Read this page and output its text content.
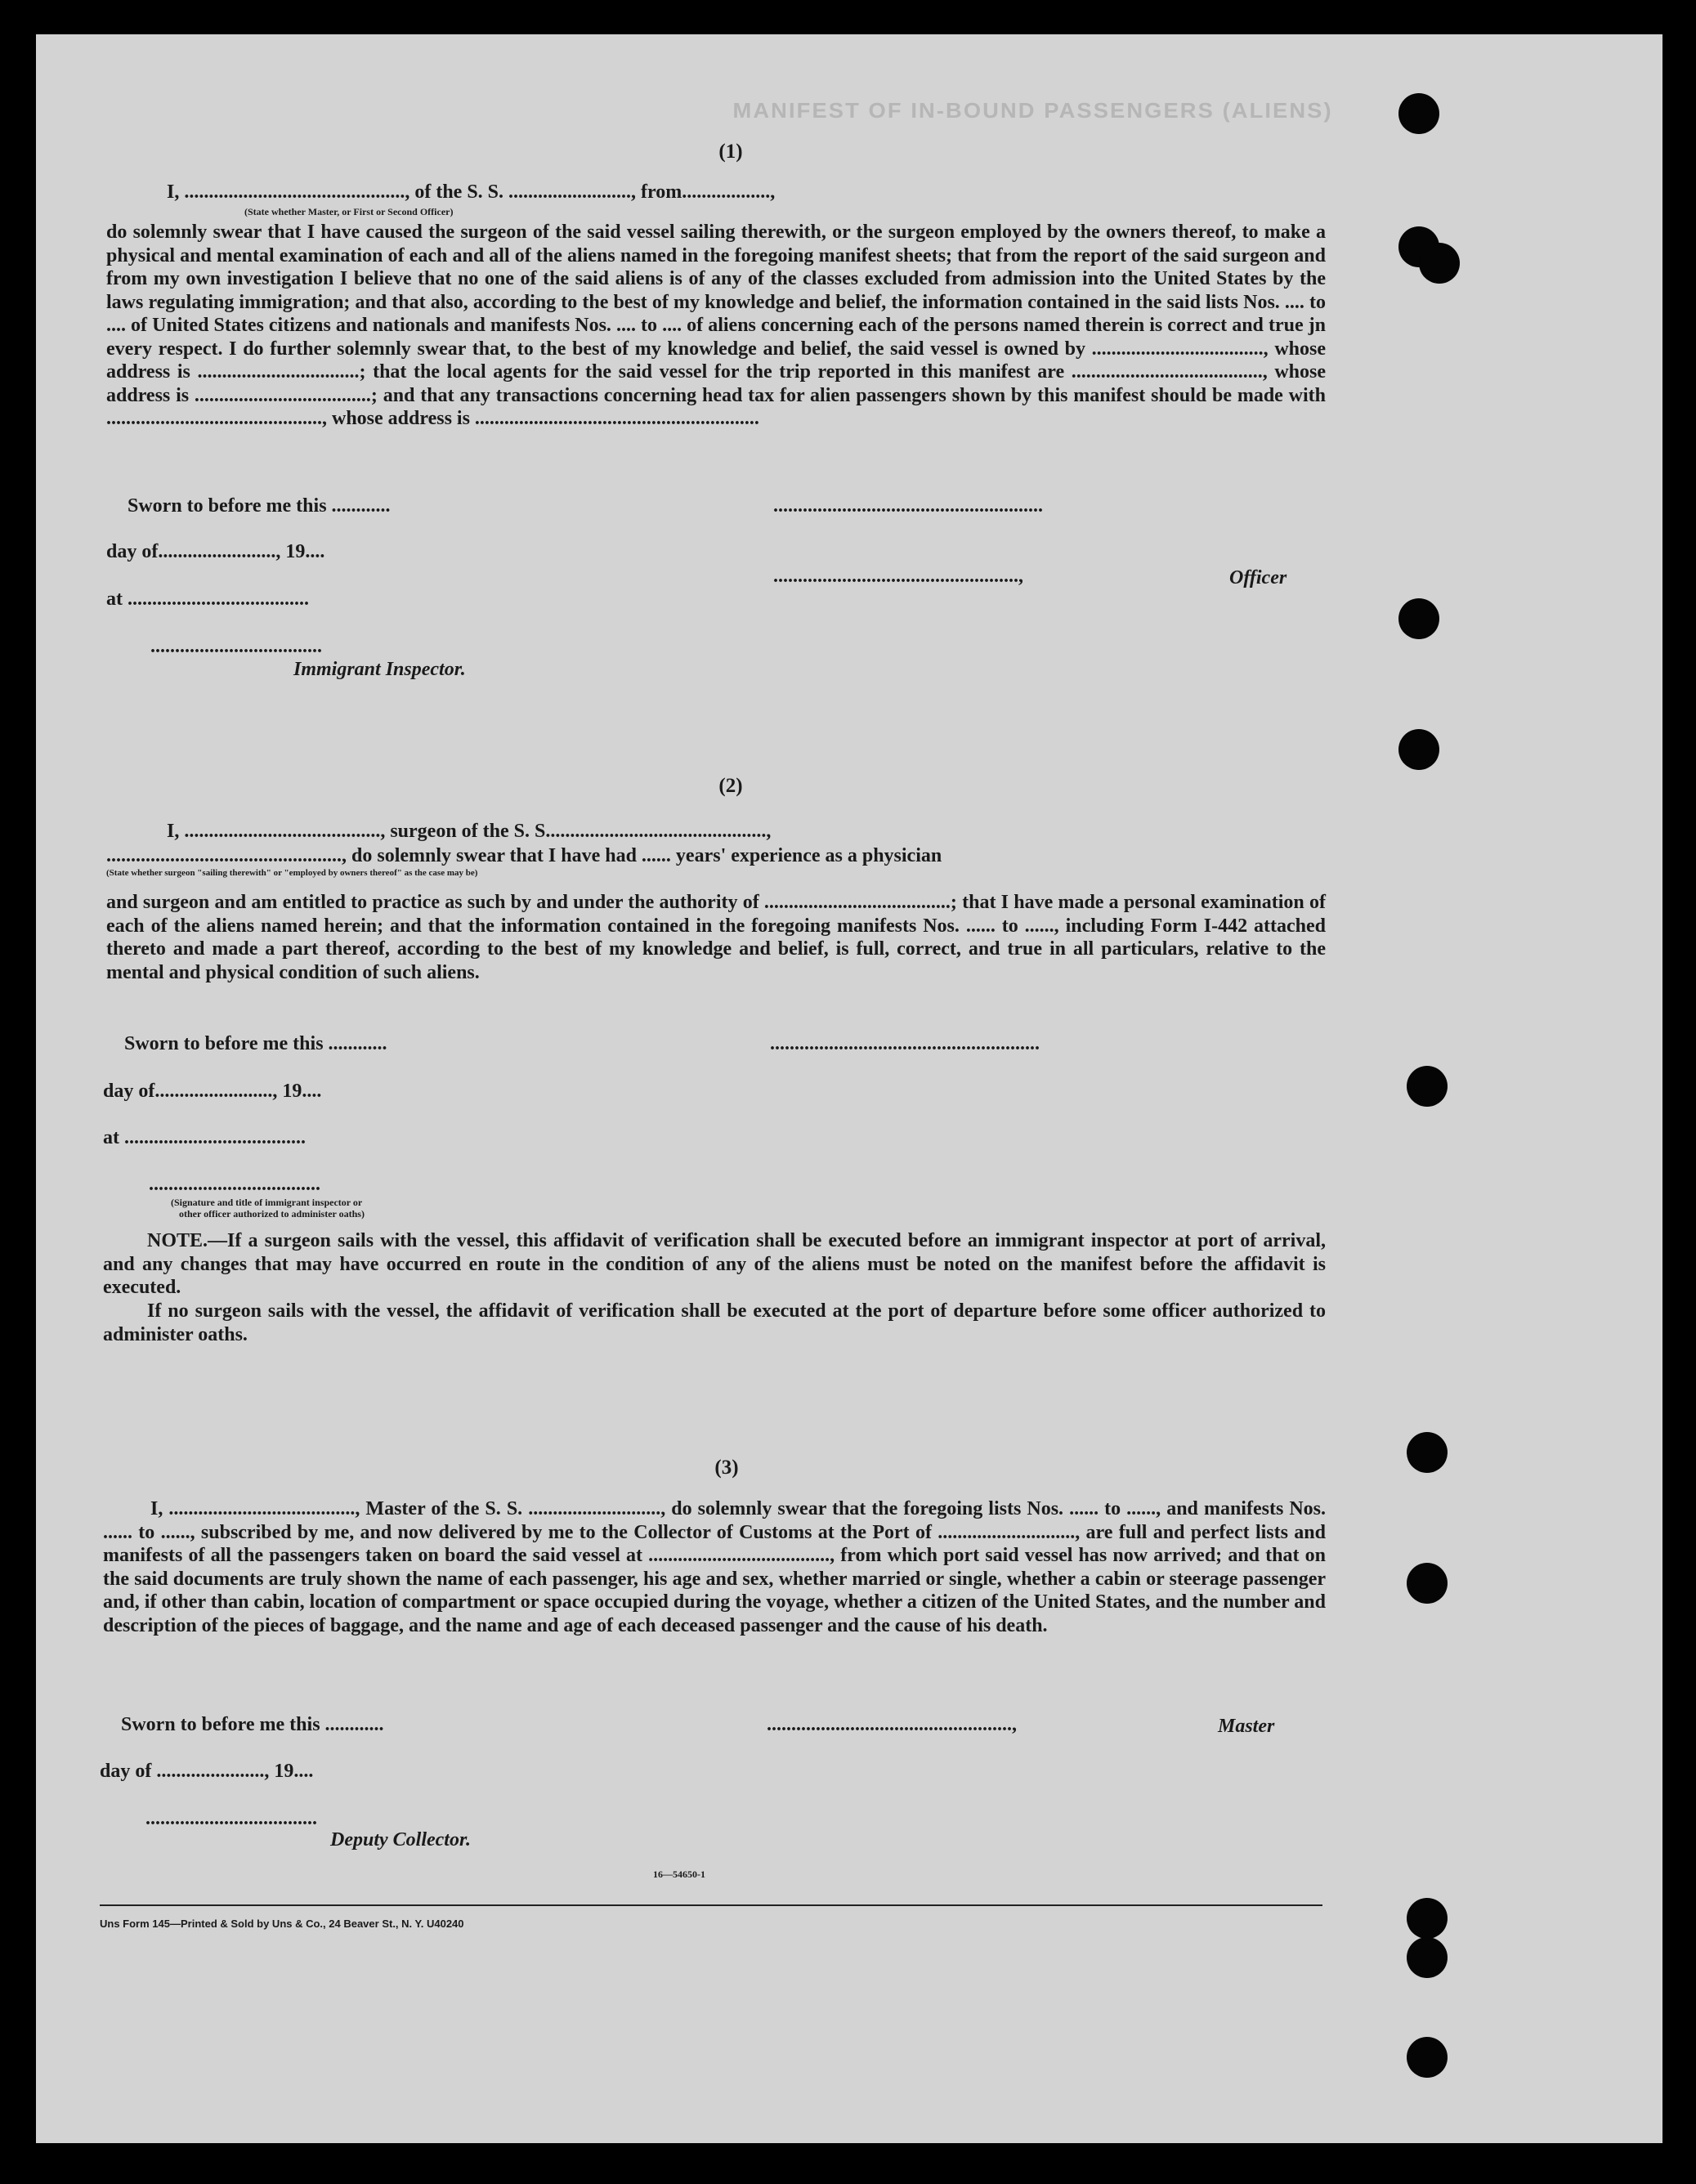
MANIFEST OF IN-BOUND PASSENGERS (ALIENS)
(1)
I, ............................................., of the S. S. ........................., from..................,
(State whether Master, or First or Second Officer)
do solemnly swear that I have caused the surgeon of the said vessel sailing therewith, or the surgeon employed by the owners thereof, to make a physical and mental examination of each and all of the aliens named in the foregoing manifest sheets; that from the report of the said surgeon and from my own investigation I believe that no one of the said aliens is of any of the classes excluded from admission into the United States by the laws regulating immigration; and that also, according to the best of my knowledge and belief, the information contained in the said lists Nos. .... to .... of United States citizens and nationals and manifests Nos. .... to .... of aliens concerning each of the persons named therein is correct and true jn every respect. I do further solemnly swear that, to the best of my knowledge and belief, the said vessel is owned by ..................................., whose address is .................................; that the local agents for the said vessel for the trip reported in this manifest are ......................................., whose address is ....................................; and that any transactions concerning head tax for alien passengers shown by this manifest should be made with ............................................, whose address is ..........................................................
Sworn to before me this ............
day of........................, 19....
at .....................................
...................................
Immigrant Inspector.
.......................................................
..................................................,	Officer
(2)
I, ........................................, surgeon of the S. S.............................................,
................................................, do solemnly swear that I have had ...... years' experience as a physician
(State whether surgeon "sailing therewith" or "employed by owners thereof" as the case may be)
and surgeon and am entitled to practice as such by and under the authority of ......................................; that I have made a personal examination of each of the aliens named herein; and that the information contained in the foregoing manifests Nos. ...... to ......, including Form I-442 attached thereto and made a part thereof, according to the best of my knowledge and belief, is full, correct, and true in all particulars, relative to the mental and physical condition of such aliens.
Sworn to before me this ............
day of........................, 19....
at .....................................
...................................
(Signature and title of immigrant inspector or
other officer authorized to administer oaths)
.......................................................
NOTE.—If a surgeon sails with the vessel, this affidavit of verification shall be executed before an immigrant inspector at port of arrival, and any changes that may have occurred en route in the condition of any of the aliens must be noted on the manifest before the affidavit is executed.
If no surgeon sails with the vessel, the affidavit of verification shall be executed at the port of departure before some officer authorized to administer oaths.
(3)
I, ......................................, Master of the S. S. ..........................., do solemnly swear that the foregoing lists Nos. ...... to ......, and manifests Nos. ...... to ......, subscribed by me, and now delivered by me to the Collector of Customs at the Port of ............................, are full and perfect lists and manifests of all the passengers taken on board the said vessel at ....................................., from which port said vessel has now arrived; and that on the said documents are truly shown the name of each passenger, his age and sex, whether married or single, whether a cabin or steerage passenger and, if other than cabin, location of compartment or space occupied during the voyage, whether a citizen of the United States, and the number and description of the pieces of baggage, and the name and age of each deceased passenger and the cause of his death.
Sworn to before me this ............
day of ......................, 19....
...................................
Deputy Collector.
..................................................,	Master
16—54650-1
Uns Form 145—Printed & Sold by Uns & Co., 24 Beaver St., N. Y. U40240
